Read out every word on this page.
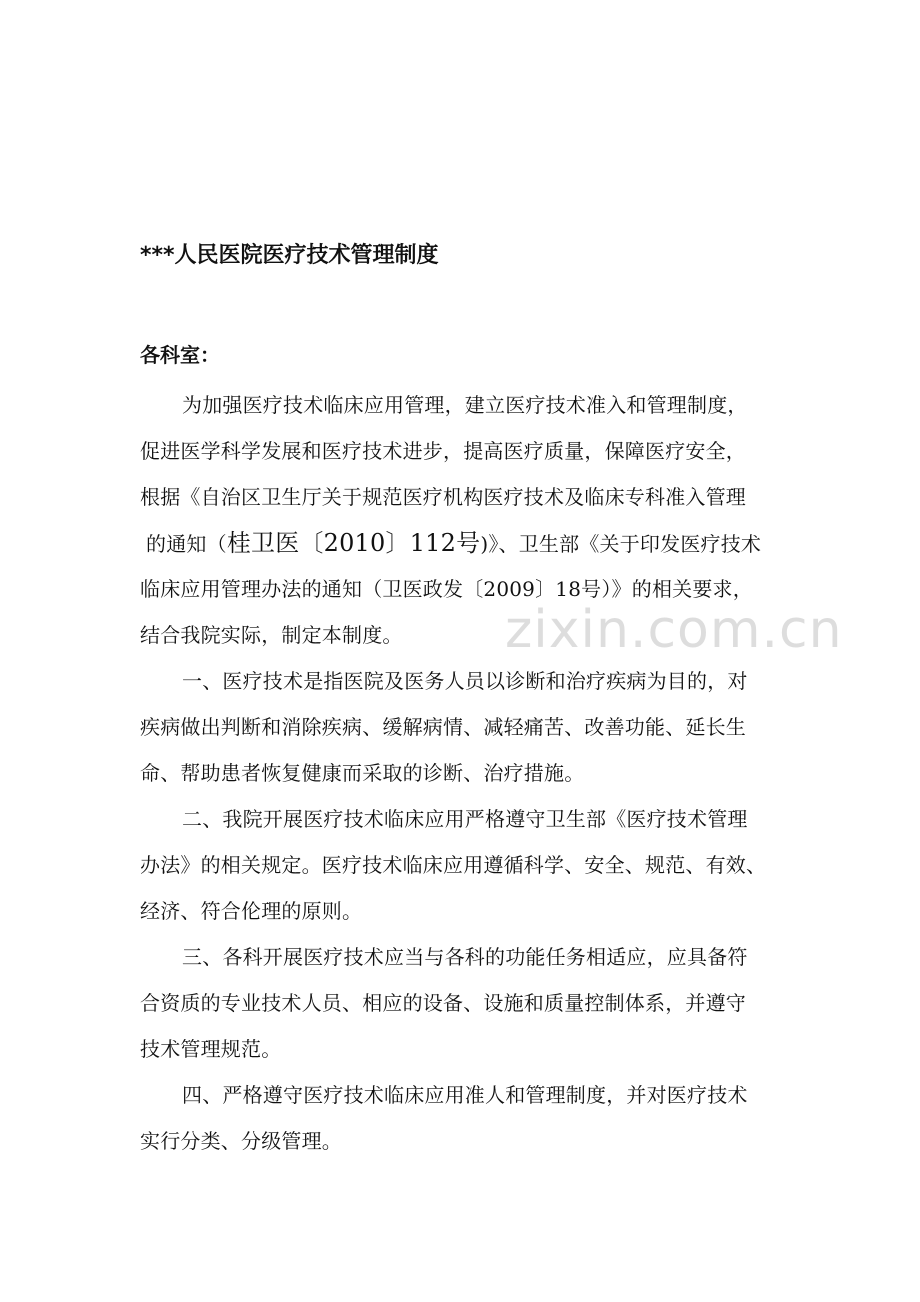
***人民医院医疗技术管理制度
各科室：
为加强医疗技术临床应用管理，建立医疗技术准入和管理制度，
促进医学科学发展和医疗技术进步，提高医疗质量，保障医疗安全，
根据《自治区卫生厅关于规范医疗机构医疗技术及临床专科准入管理
的通知（桂卫医〔2010〕112号)》、卫生部《关于印发医疗技术
临床应用管理办法的通知（卫医政发〔2009〕18号）》的相关要求，
结合我院实际，制定本制度。
一、医疗技术是指医院及医务人员以诊断和治疗疾病为目的，对
疾病做出判断和消除疾病、缓解病情、减轻痛苦、改善功能、延长生
命、帮助患者恢复健康而采取的诊断、治疗措施。
二、我院开展医疗技术临床应用严格遵守卫生部《医疗技术管理
办法》的相关规定。医疗技术临床应用遵循科学、安全、规范、有效、
经济、符合伦理的原则。
三、各科开展医疗技术应当与各科的功能任务相适应，应具备符
合资质的专业技术人员、相应的设备、设施和质量控制体系，并遵守
技术管理规范。
四、严格遵守医疗技术临床应用准人和管理制度，并对医疗技术
实行分类、分级管理。
zixin.com.cn
